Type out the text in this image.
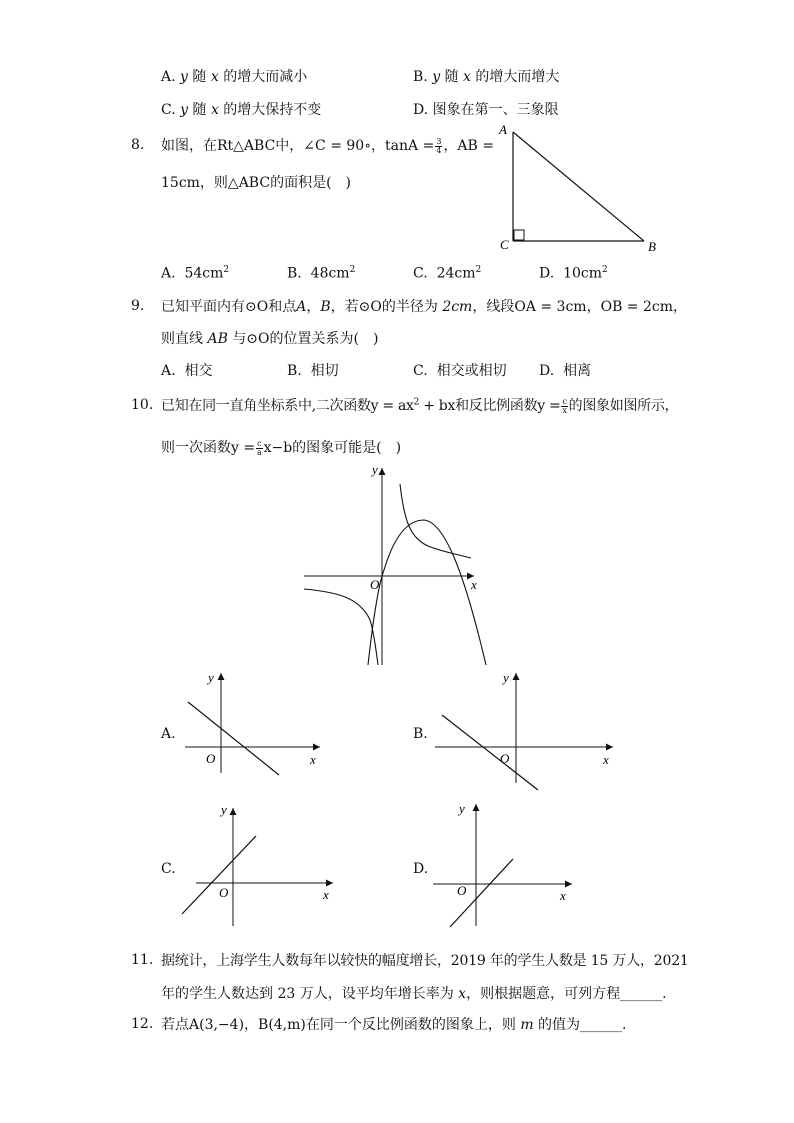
A. y 随 x 的增大而减小	B. y 随 x 的增大而增大
C. y 随 x 的增大保持不变	D. 图象在第一、三象限
8. 如图，在Rt△ABC中，∠C = 90∘，$\tan A = \frac{3}{4}$ ，AB =
15cm，则△ABC的面积是(　)
A
C	B
A. $54cm^2$	B. $48cm^2$	C. $24cm^2$	D. $10cm^2$
9. 已知平面内有⊙O和点A，B，若⊙O的半径为 2cm，线段OA = 3cm，OB = 2cm，
则直线 AB 与⊙O的位置关系为(　)
A. 相交	B. 相切	C. 相交或相切 D. 相离
10. 已知在同一直角坐标系中,二次函数$y = ax^2$ + bx和反比例函数$y = \frac{c}{x}$ 的图象如图所示，
则一次函数$y = \frac{c}{a} x-b$的图象可能是(　)
O	x
y
A.
O	x
y
B.
O	x
y
C.
O	x
y
D.
O	x
y
11. 据统计，上海学生人数每年以较快的幅度增长，2019 年的学生人数是 15 万人，2021
年的学生人数达到 23 万人，设平均年增长率为 x，则根据题意，可列方程______.
12. 若点A(3,−4)，B(4,m)在同一个反比例函数的图象上，则 m 的值为______.
